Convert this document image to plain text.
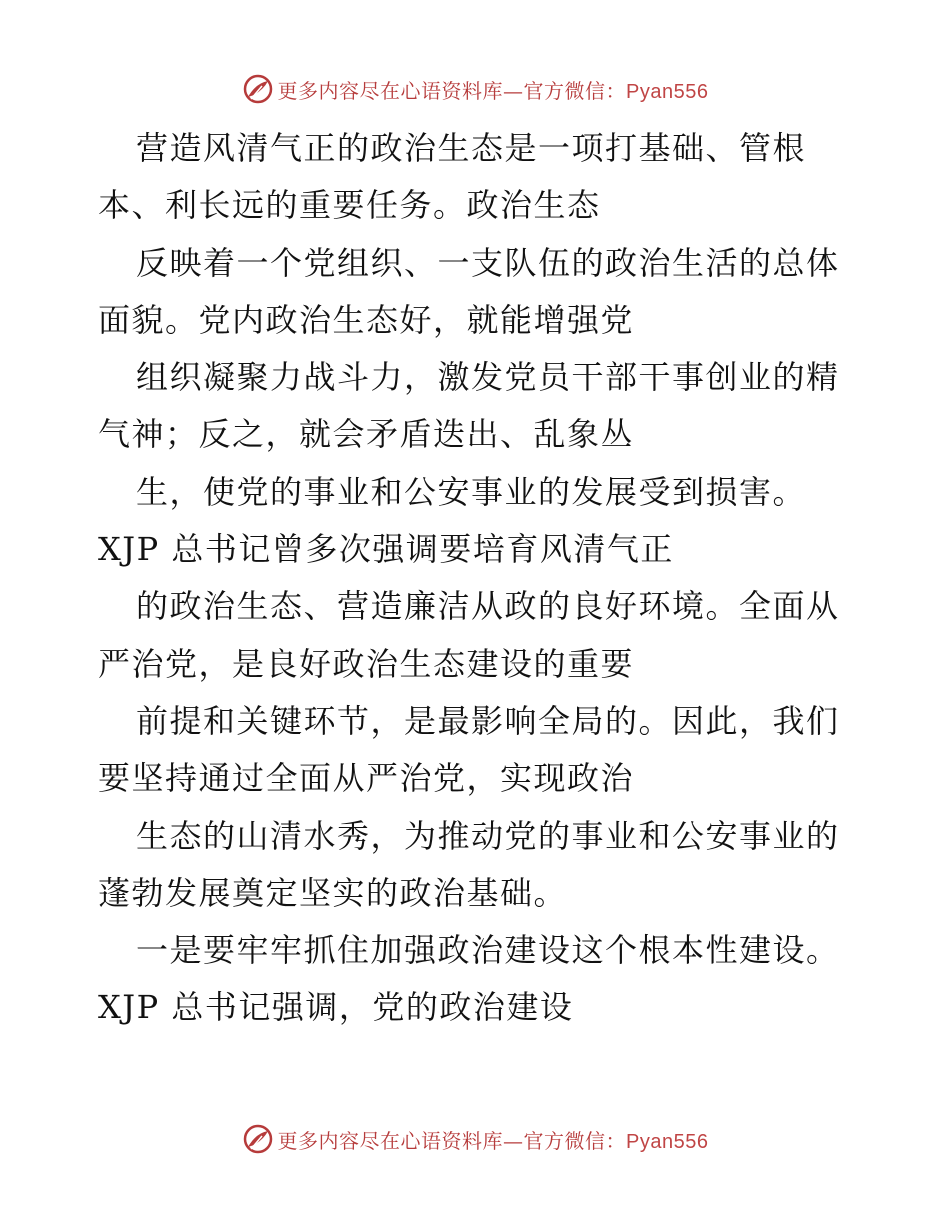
更多内容尽在心语资料库—官方微信：Pyan556
营造风清气正的政治生态是一项打基础、管根
本、利长远的重要任务。政治生态
反映着一个党组织、一支队伍的政治生活的总体
面貌。党内政治生态好，就能增强党
组织凝聚力战斗力，激发党员干部干事创业的精
气神；反之，就会矛盾迭出、乱象丛
生，使党的事业和公安事业的发展受到损害。
XJP 总书记曾多次强调要培育风清气正
的政治生态、营造廉洁从政的良好环境。全面从
严治党，是良好政治生态建设的重要
前提和关键环节，是最影响全局的。因此，我们
要坚持通过全面从严治党，实现政治
生态的山清水秀，为推动党的事业和公安事业的
蓬勃发展奠定坚实的政治基础。
一是要牢牢抓住加强政治建设这个根本性建设。
XJP 总书记强调，党的政治建设
更多内容尽在心语资料库—官方微信：Pyan556
